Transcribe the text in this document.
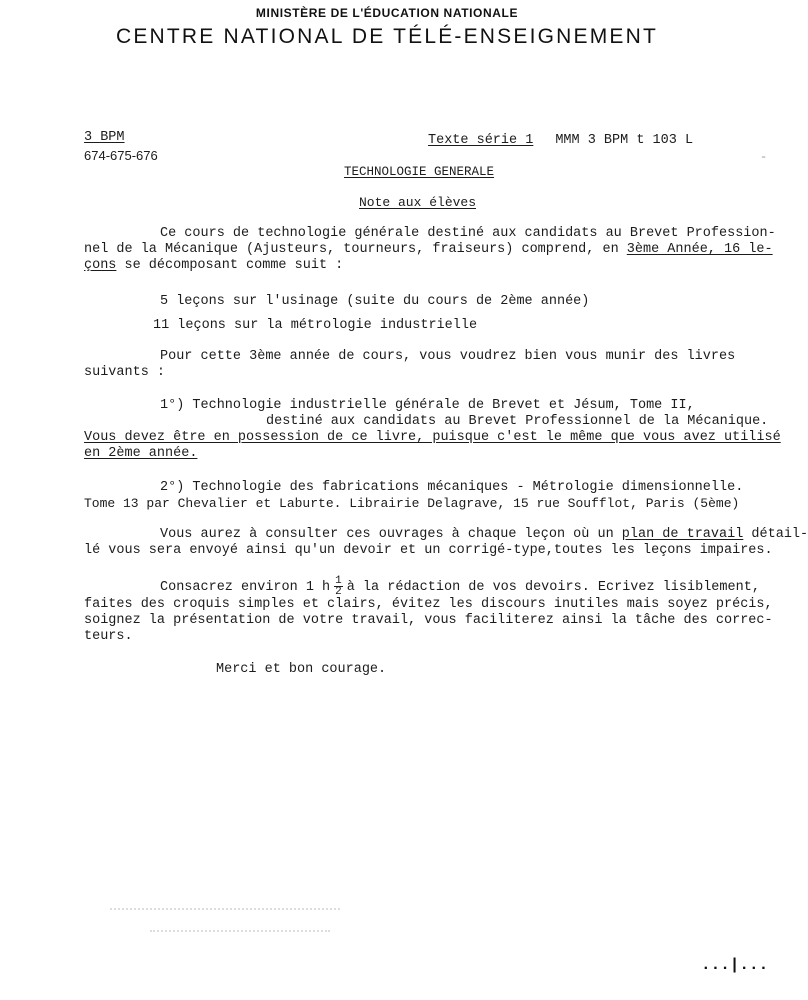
MINISTÈRE DE L'ÉDUCATION NATIONALE
CENTRE NATIONAL DE TÉLÉ-ENSEIGNEMENT
3 BPM
674-675-676
Texte série 1 MMM 3 BPM t 103 L
TECHNOLOGIE GENERALE
Note aux élèves
Ce cours de technologie générale destiné aux candidats au Brevet Profession-
nel de la Mécanique (Ajusteurs, tourneurs, fraiseurs) comprend, en 3ème Année, 16 le-
çons se décomposant comme suit :
5 leçons sur l'usinage (suite du cours de 2ème année)
11 leçons sur la métrologie industrielle
Pour cette 3ème année de cours, vous voudrez bien vous munir des livres
suivants :
1°) Technologie industrielle générale de Brevet et Jésum, Tome II,
destiné aux candidats au Brevet Professionnel de la Mécanique.
Vous devez être en possession de ce livre, puisque c'est le même que vous avez utilisé
en 2ème année.
2°) Technologie des fabrications mécaniques - Métrologie dimensionnelle.
Tome 13 par Chevalier et Laburte. Librairie Delagrave, 15 rue Soufflot, Paris (5ème)
Vous aurez à consulter ces ouvrages à chaque leçon où un plan de travail détail-
lé vous sera envoyé ainsi qu'un devoir et un corrigé-type,toutes les leçons impaires.
Consacrez environ 1 h $\frac{1}{2}$ à la rédaction de vos devoirs. Ecrivez lisiblement,
faites des croquis simples et clairs, évitez les discours inutiles mais soyez précis,
soignez la présentation de votre travail, vous faciliterez ainsi la tâche des correc-
teurs.
Merci et bon courage.
-
...|...
